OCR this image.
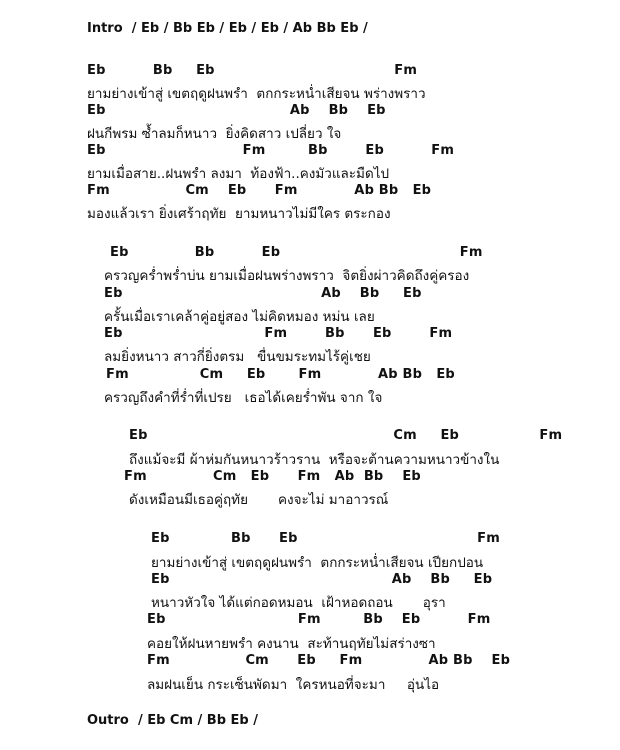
Intro / Eb / Bb Eb / Eb / Eb / Ab Bb Eb /
Eb          Bb     Eb                                      Fm
ยามย่างเข้าสู่ เขตฤดูฝนพรำ  ตกกระหน่ำเสียจน พร่างพราว
Eb                                       Ab    Bb    Eb
ฝนกีพรม ซ้ำลมก็หนาว  ยิ่งคิดสาว เปลี่ยว ใจ
Eb                             Fm         Bb        Eb          Fm
ยามเมื่อสาย..ฝนพรำ ลงมา  ท้องฟ้า..คงมัวและมืดไป
Fm                Cm    Eb      Fm            Ab Bb   Eb
มองแล้วเรา ยิ่งเศร้าฤทัย  ยามหนาวไม่มีใคร ตระกอง
Eb              Bb          Eb                                      Fm
ครวญคร่ำพร่ำบ่น ยามเมื่อฝนพร่างพราว  จิตยิ่งผ่าวคิดถึงคู่ครอง
Eb                                          Ab    Bb     Eb
ครั้นเมื่อเราเคล้าคู่อยู่สอง ไม่คิดหมอง หม่น เลย
Eb                              Fm        Bb      Eb        Fm
ลมยิ่งหนาว สาวกี่ยิ่งตรม   ขื่นขมระทมไร้คู่เชย
Fm               Cm     Eb       Fm            Ab Bb   Eb
ครวญถึงคำที่ร่ำที่เปรย   เธอได้เคยร่ำพัน จาก ใจ
Eb                                                    Cm     Eb                 Fm
ถึงแม้จะมี ผ้าห่มกันหนาวร้าวราน  หรือจะต้านความหนาวข้างใน
Fm              Cm   Eb      Fm   Ab  Bb    Eb
ดังเหมือนมีเธอคู่ฤทัย       คงจะไม่ มาอาวรณ์
Eb             Bb      Eb                                      Fm
ยามย่างเข้าสู่ เขตฤดูฝนพรำ  ตกกระหน่ำเสียจน เปียกปอน
Eb                                               Ab    Bb     Eb
หนาวหัวใจ ได้แต่กอดหมอน  เฝ้าหอดถอน       อุรา
Eb                            Fm         Bb    Eb          Fm
คอยให้ฝนหายพรำ คงนาน  สะท้านฤทัยไม่สร่างซา
Fm                Cm      Eb     Fm              Ab Bb    Eb
ลมฝนเย็น กระเซ็นพัดมา  ใครหนอที่จะมา     อุ่นไอ
Outro / Eb Cm / Bb Eb /
